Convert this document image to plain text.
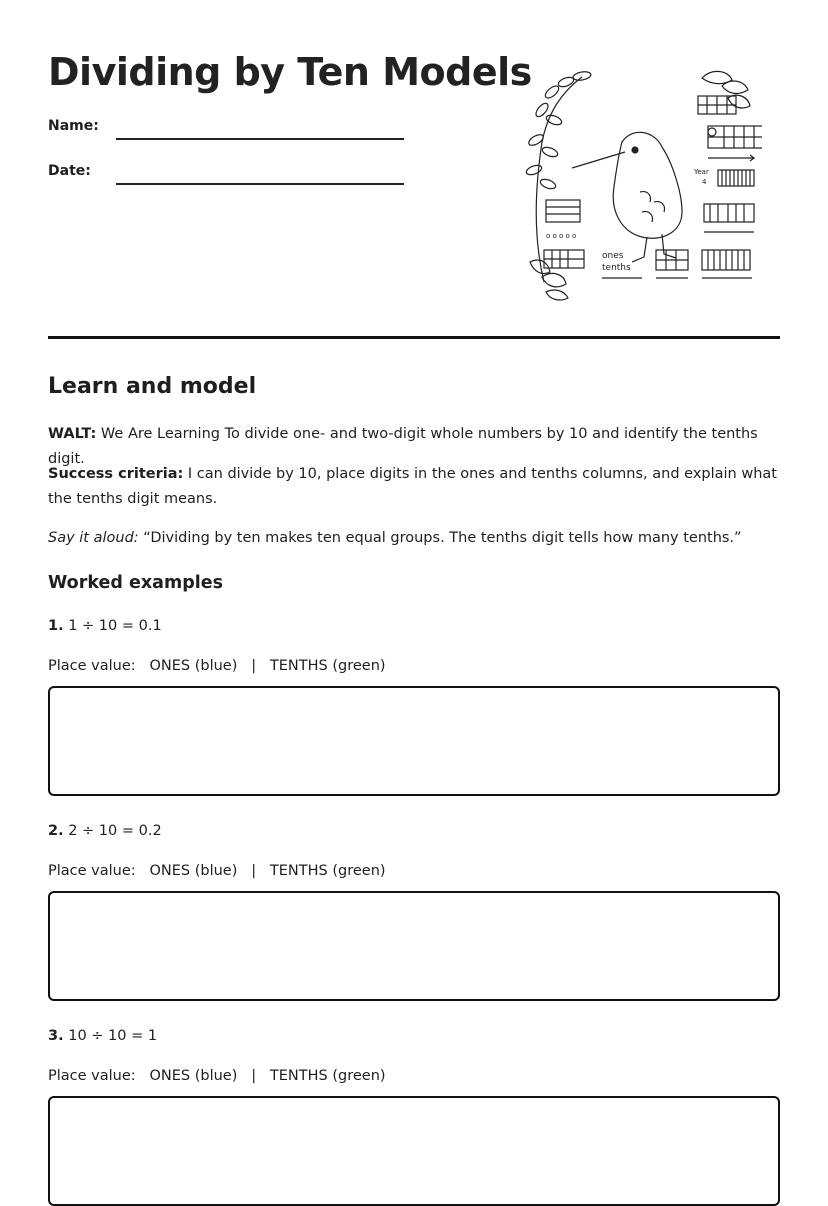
Dividing by Ten Models
Name:
Date:	Year
4
o o o o o
ones
tenths
Learn and model

WALT: We Are Learning To divide one- and two-digit whole numbers by 10 and identify the tenths digit.

Success criteria: I can divide by 10, place digits in the ones and tenths columns, and explain what the tenths digit means.

Say it aloud: “Dividing by ten makes ten equal groups. The tenths digit tells how many tenths.”

Worked examples
1. 1 ÷ 10 = 0.1
Place value:   ONES (blue)   |   TENTHS (green)
2. 2 ÷ 10 = 0.2
Place value:   ONES (blue)   |   TENTHS (green)
3. 10 ÷ 10 = 1
Place value:   ONES (blue)   |   TENTHS (green)
